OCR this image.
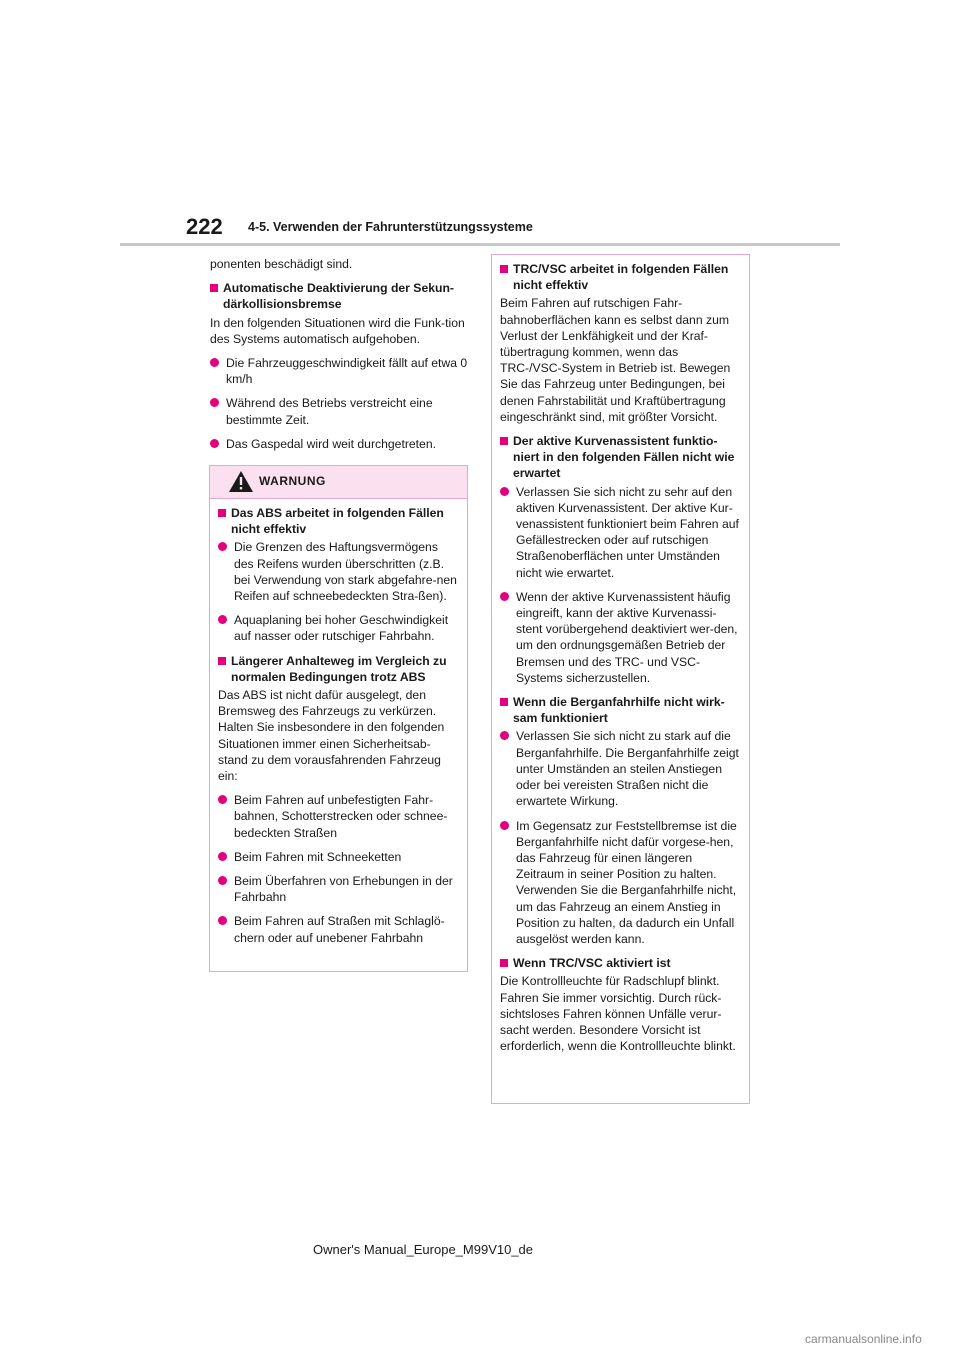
222 4-5. Verwenden der Fahrunterstützungssysteme

ponenten beschädigt sind.

Automatische Deaktivierung der Sekun-därkollisionsbremse

In den folgenden Situationen wird die Funk-tion des Systems automatisch aufgehoben.

Die Fahrzeuggeschwindigkeit fällt auf etwa 0 km/h
Während des Betriebs verstreicht eine bestimmte Zeit.
Das Gaspedal wird weit durchgetreten.
WARNUNG
Das ABS arbeitet in folgenden Fällen nicht effektiv
Die Grenzen des Haftungsvermögens des Reifens wurden überschritten (z.B. bei Verwendung von stark abgefahre-nen Reifen auf schneebedeckten Stra-ßen).
Aquaplaning bei hoher Geschwindigkeit auf nasser oder rutschiger Fahrbahn.
Längerer Anhalteweg im Vergleich zu normalen Bedingungen trotz ABS

Das ABS ist nicht dafür ausgelegt, den Bremsweg des Fahrzeugs zu verkürzen. Halten Sie insbesondere in den folgenden Situationen immer einen Sicherheitsab-stand zu dem vorausfahrenden Fahrzeug ein:

Beim Fahren auf unbefestigten Fahr-bahnen, Schotterstrecken oder schnee-bedeckten Straßen
Beim Fahren mit Schneeketten
Beim Überfahren von Erhebungen in der Fahrbahn
Beim Fahren auf Straßen mit Schlaglö-chern oder auf unebener Fahrbahn
TRC/VSC arbeitet in folgenden Fällen nicht effektiv

Beim Fahren auf rutschigen Fahr-bahnoberflächen kann es selbst dann zum Verlust der Lenkfähigkeit und der Kraf-tübertragung kommen, wenn das TRC-/VSC-System in Betrieb ist. Bewegen Sie das Fahrzeug unter Bedingungen, bei denen Fahrstabilität und Kraftübertragung eingeschränkt sind, mit größter Vorsicht.

Der aktive Kurvenassistent funktio-niert in den folgenden Fällen nicht wie erwartet
Verlassen Sie sich nicht zu sehr auf den aktiven Kurvenassistent. Der aktive Kur-venassistent funktioniert beim Fahren auf Gefällestrecken oder auf rutschigen Straßenoberflächen unter Umständen nicht wie erwartet.
Wenn der aktive Kurvenassistent häufig eingreift, kann der aktive Kurvenassi-stent vorübergehend deaktiviert wer-den, um den ordnungsgemäßen Betrieb der Bremsen und des TRC- und VSC-Systems sicherzustellen.
Wenn die Berganfahrhilfe nicht wirk-sam funktioniert
Verlassen Sie sich nicht zu stark auf die Berganfahrhilfe. Die Berganfahrhilfe zeigt unter Umständen an steilen Anstiegen oder bei vereisten Straßen nicht die erwartete Wirkung.
Im Gegensatz zur Feststellbremse ist die Berganfahrhilfe nicht dafür vorgese-hen, das Fahrzeug für einen längeren Zeitraum in seiner Position zu halten. Verwenden Sie die Berganfahrhilfe nicht, um das Fahrzeug an einem Anstieg in Position zu halten, da dadurch ein Unfall ausgelöst werden kann.
Wenn TRC/VSC aktiviert ist

Die Kontrollleuchte für Radschlupf blinkt. Fahren Sie immer vorsichtig. Durch rück-sichtsloses Fahren können Unfälle verur-sacht werden. Besondere Vorsicht ist erforderlich, wenn die Kontrollleuchte blinkt.

Owner's Manual_Europe_M99V10_de
carmanualsonline.info
